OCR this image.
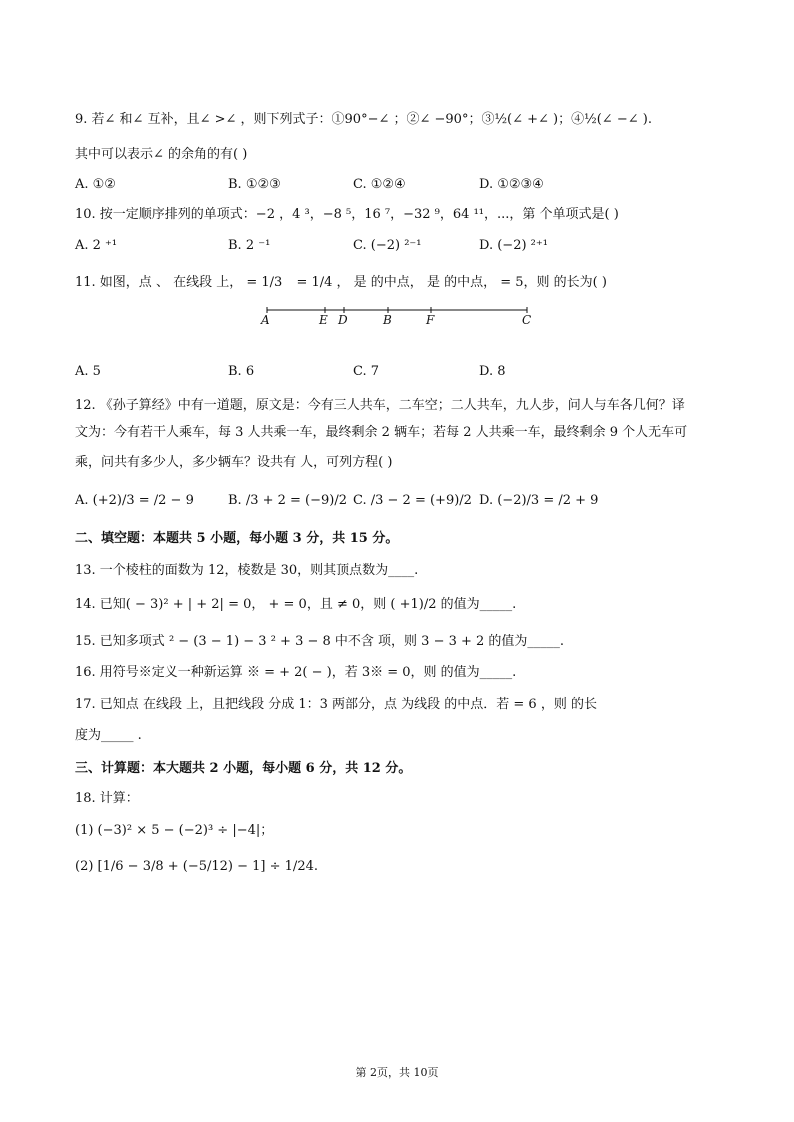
9. 若∠ 和∠ 互补，且∠ >∠ ，则下列式子：①90°−∠ ；②∠ −90°；③½(∠ +∠ )；④½(∠ −∠ ).
其中可以表示∠ 的余角的有( )
A. ①②	B. ①②③	C. ①②④	D. ①②③④
10. 按一定顺序排列的单项式：−2 ，4 ³，−8 ⁵，16 ⁷，−32 ⁹，64 ¹¹，...，第 个单项式是( )
A. 2 ⁺¹	B. 2 ⁻¹	C. (−2) ²⁻¹	D. (−2) ²⁺¹
11. 如图，点 、 在线段 上， = 1/3 = 1/4 ， 是 的中点， 是 的中点， = 5，则 的长为( )
A	E D	B	F	C
A. 5	B. 6	C. 7	D. 8
12. 《孙子算经》中有一道题，原文是：今有三人共车，二车空；二人共车，九人步，问人与车各几何？译
文为：今有若干人乘车，每 3 人共乘一车，最终剩余 2 辆车；若每 2 人共乘一车，最终剩余 9 个人无车可
乘，问共有多少人，多少辆车？设共有 人，可列方程( )
A. (+2)/3 = /2 − 9	B. /3 + 2 = (−9)/2 C. /3 − 2 = (+9)/2 D. (−2)/3 = /2 + 9
二、填空题：本题共 5 小题，每小题 3 分，共 15 分。
13. 一个棱柱的面数为 12，棱数是 30，则其顶点数为____.
14. 已知( − 3)² + | + 2| = 0， + = 0，且 ≠ 0，则 ( +1)/2 的值为_____.
15. 已知多项式 ² − (3 − 1) − 3 ² + 3 − 8 中不含 项，则 3 − 3 + 2 的值为_____.
16. 用符号※定义一种新运算 ※ = + 2( − )，若 3※ = 0，则 的值为_____.
17. 已知点 在线段 上，且把线段 分成 1：3 两部分，点 为线段 的中点．若 = 6 ，则 的长
度为_____ .
三、计算题：本大题共 2 小题，每小题 6 分，共 12 分。
18. 计算：
(1) (−3)² × 5 − (−2)³ ÷ |−4|；
(2) [1/6 − 3/8 + (−5/12) − 1] ÷ 1/24.
第 2页，共 10页
